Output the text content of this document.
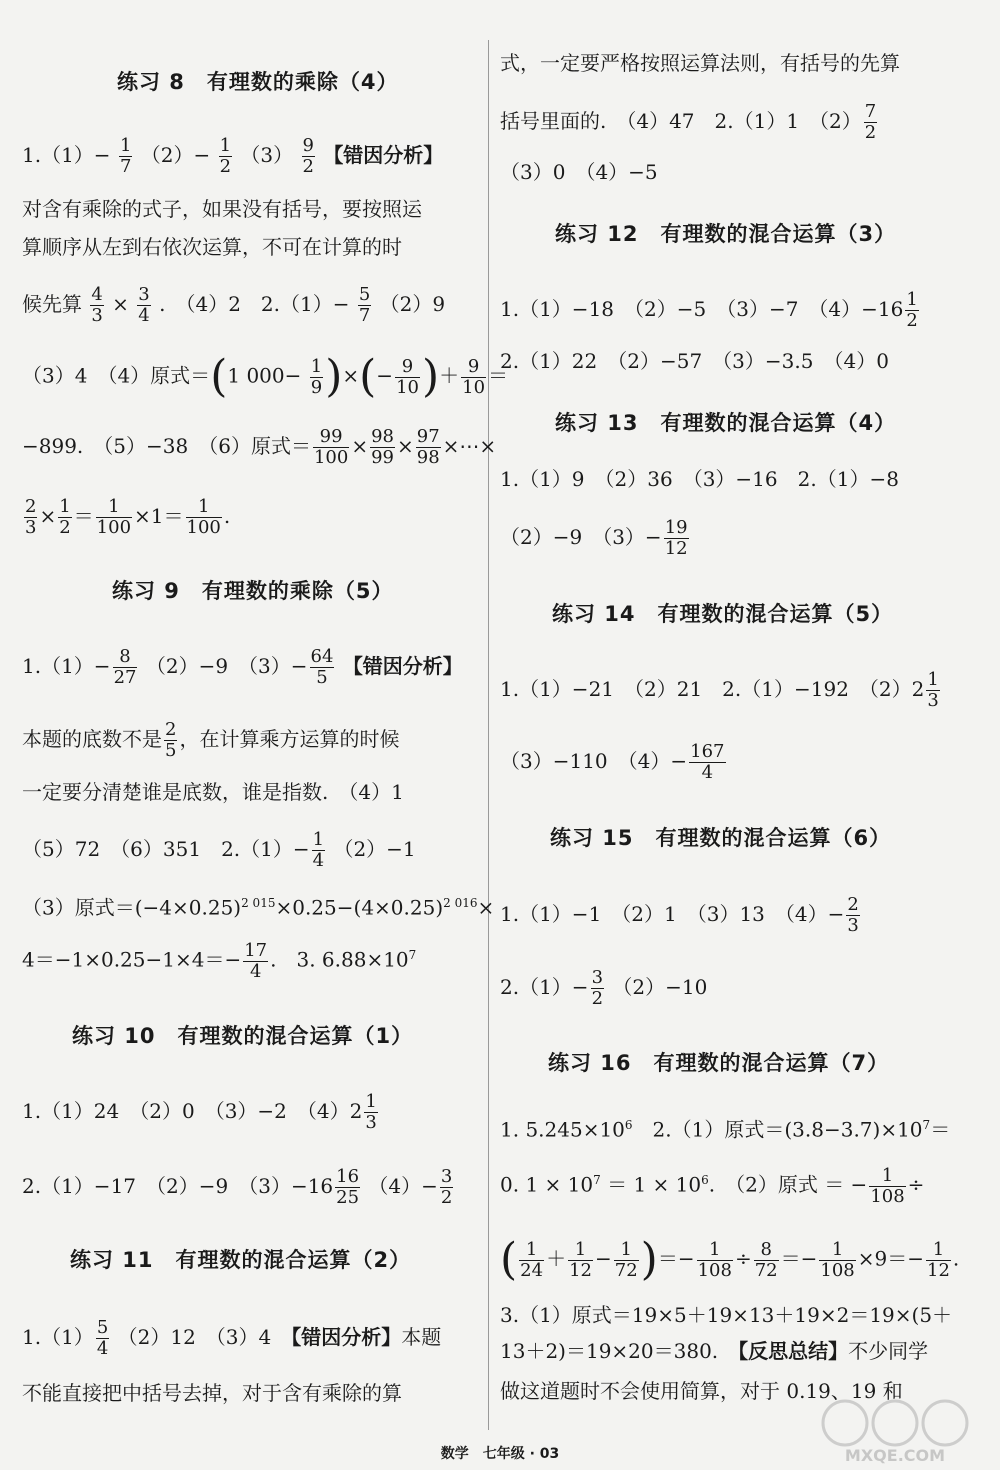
练习 8　有理数的乘除（4）
$1.(1)- \frac{1}{7} (2)- \frac{1}{2} (3) \frac{9}{2}$ 【错因分析】
对含有乘除的式子，如果没有括号，要按照运
算顺序从左到右依次运算，不可在计算的时
候先算 $\frac{4}{3} \times \frac{3}{4}$ .　（4）2　$2.(1)- \frac{5}{7} (2)9$
（3）4　（4）原式＝(1 $000- \frac{1}{9}$ )×(− $\frac{9}{10}$ )＋ $\frac{9}{10}$ ＝
−899.　（5）−38　（6）原式＝ $\frac{99}{100} \times \frac{98}{99} \times \frac{97}{98}$ ×⋯×
$\frac{2}{3} \times \frac{1}{2} = \frac{1}{100} \times 1= \frac{1}{100}$ .
练习 9　有理数的乘除（5）
$1.(1)- \frac{8}{27} (2)-9$　$(3)- \frac{64}{5}$ 【错因分析】
本题的底数不是 $\frac{2}{5}$ ，在计算乘方运算的时候
一定要分清楚谁是底数，谁是指数.　（4）1
（5）72　（6）351　$2.(1)- \frac{1}{4} (2)-1$
（3）原式$=(-4\times 0.25)^{2 015}\times 0.25-(4\times 0.25)^{2 016}\times$
$4=-1\times 0.25-1\times 4=- \frac{17}{4}$ .　3. $6.88\times 10^7$
练习 10　有理数的混合运算（1）
1.（1）24　（2）0　（3）−2　$(4)2 \frac{1}{3}$
2.（1）−17　（2）−9　$(3)-16 \frac{16}{25} (4)- \frac{3}{2}$
练习 11　有理数的混合运算（2）
$1.(1) \frac{5}{4} (2)12$　（3）4　【错因分析】本题
不能直接把中括号去掉，对于含有乘除的算
式，一定要严格按照运算法则，有括号的先算
括号里面的.　（4）47　2.（1）1　$(2) \frac{7}{2}$
（3）0　（4）−5
练习 12　有理数的混合运算（3）
1.（1）−18　（2）−5　（3）−7　$(4)-16 \frac{1}{2}$
2.（1）22　（2）−57　（3）−3.5　（4）0
练习 13　有理数的混合运算（4）
1.（1）9　（2）36　（3）−16　2.（1）−8
（2）−9　$(3)- \frac{19}{12}$
练习 14　有理数的混合运算（5）
1.（1）−21　（2）21　2.（1）−192　$(2)2 \frac{1}{3}$
（3）−110　$(4)- \frac{167}{4}$
练习 15　有理数的混合运算（6）
1.（1）−1　（2）1　（3）13　$(4)- \frac{2}{3}$
$2.(1)- \frac{3}{2} (2)-10$
练习 16　有理数的混合运算（7）
1. $5.245\times 10^6$　2.（1）原式$=(3.8-3.7)\times 10^7=$
0. $1 \times 10^7 = 1 \times 10^6$.　（2）原式 ＝ − $\frac{1}{108}$ ÷
( $\frac{1}{24} + \frac{1}{12} - \frac{1}{72}$ )＝− $\frac{1}{108} \div \frac{8}{72} =- \frac{1}{108} \times 9=- \frac{1}{12}$ .
3.（1）原式＝19×5＋19×13＋19×2＝19×(5＋
13＋2)＝19×20＝380.　【反思总结】不少同学
做这道题时不会使用简算，对于 0.19、19 和
数学　七年级 · 03	MXQE.COM
